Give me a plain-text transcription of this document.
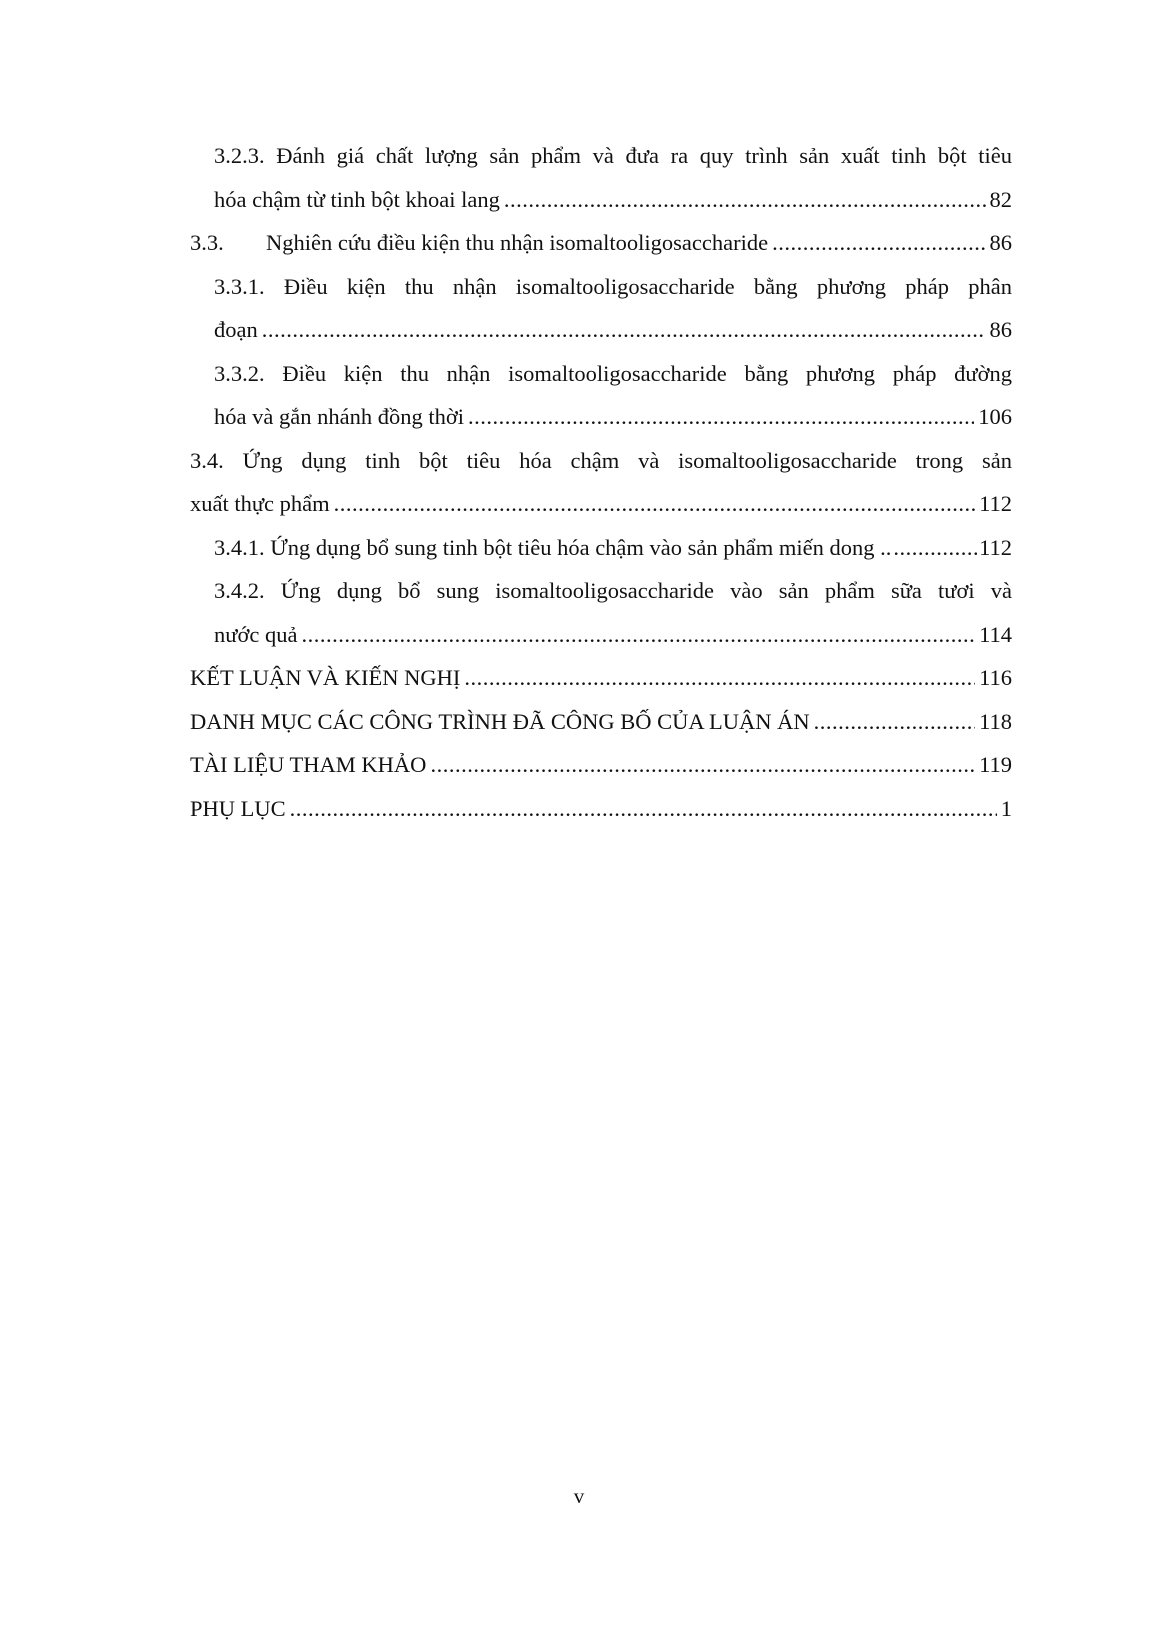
3.2.3. Đánh giá chất lượng sản phẩm và đưa ra quy trình sản xuất tinh bột tiêu
hóa chậm từ tinh bột khoai lang .....	82
3.3. Nghiên cứu điều kiện thu nhận isomaltooligosaccharide .....	86
3.3.1. Điều kiện thu nhận isomaltooligosaccharide bằng phương pháp phân
đoạn .....	86
3.3.2. Điều kiện thu nhận isomaltooligosaccharide bằng phương pháp đường
hóa và gắn nhánh đồng thời .....	106
3.4. Ứng dụng tinh bột tiêu hóa chậm và isomaltooligosaccharide trong sản
xuất thực phẩm .....	112
3.4.1. Ứng dụng bổ sung tinh bột tiêu hóa chậm vào sản phẩm miến dong .. .....	112
3.4.2. Ứng dụng bổ sung isomaltooligosaccharide vào sản phẩm sữa tươi và
nước quả .....	114
KẾT LUẬN VÀ KIẾN NGHỊ .....	116
DANH MỤC CÁC CÔNG TRÌNH ĐÃ CÔNG BỐ CỦA LUẬN ÁN .....	118
TÀI LIỆU THAM KHẢO .....	119
PHỤ LỤC .....	1
v
